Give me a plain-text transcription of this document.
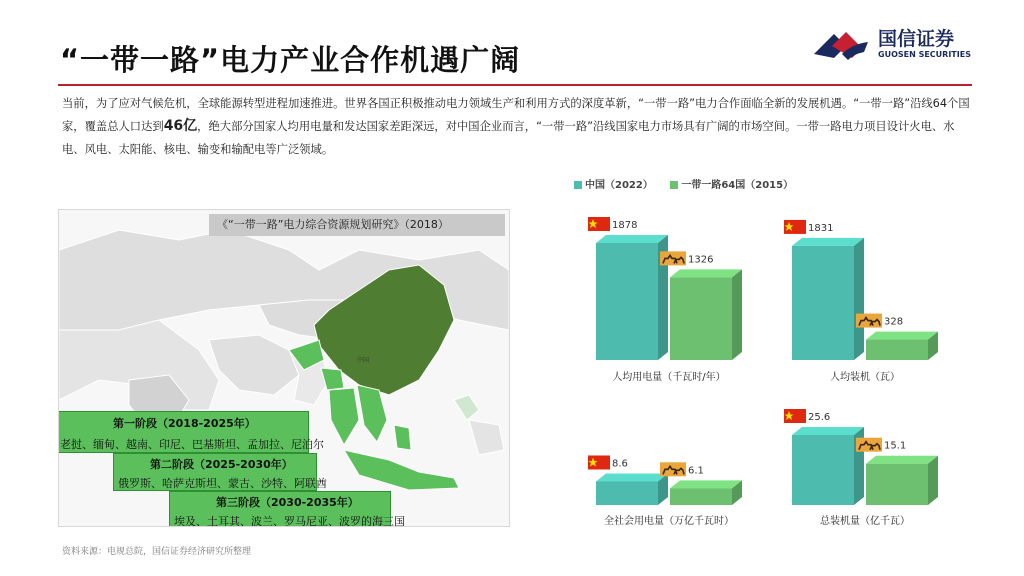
“一带一路”电力产业合作机遇广阔
国信证券
GUOSEN SECURITIES
当前，为了应对气候危机，全球能源转型进程加速推进。世界各国正积极推动电力领域生产和利用方式的深度革新，“一带一路”电力合作面临全新的发展机遇。“一带一路”沿线64个国家，覆盖总人口达到46亿，绝大部分国家人均用电量和发达国家差距深远，对中国企业而言，“一带一路”沿线国家电力市场具有广阔的市场空间。一带一路电力项目设计火电、水电、风电、太阳能、核电、输变和输配电等广泛领域。
中国
《“一带一路”电力综合资源规划研究》（2018）
第一阶段（2018-2025年）
老挝、缅甸、越南、印尼、巴基斯坦、孟加拉、尼泊尔
第二阶段（2025-2030年）
俄罗斯、哈萨克斯坦、蒙古、沙特、阿联酋
第三阶段（2030-2035年）
埃及、土耳其、波兰、罗马尼亚、波罗的海三国
中国（2022）	一带一路64国（2015）
1878
1326
人均用电量（千瓦时/年）
1831
328
人均装机（瓦）
8.6
6.1
全社会用电量（万亿千瓦时）
25.6
15.1
总装机量（亿千瓦）
资料来源：电规总院，国信证券经济研究所整理
